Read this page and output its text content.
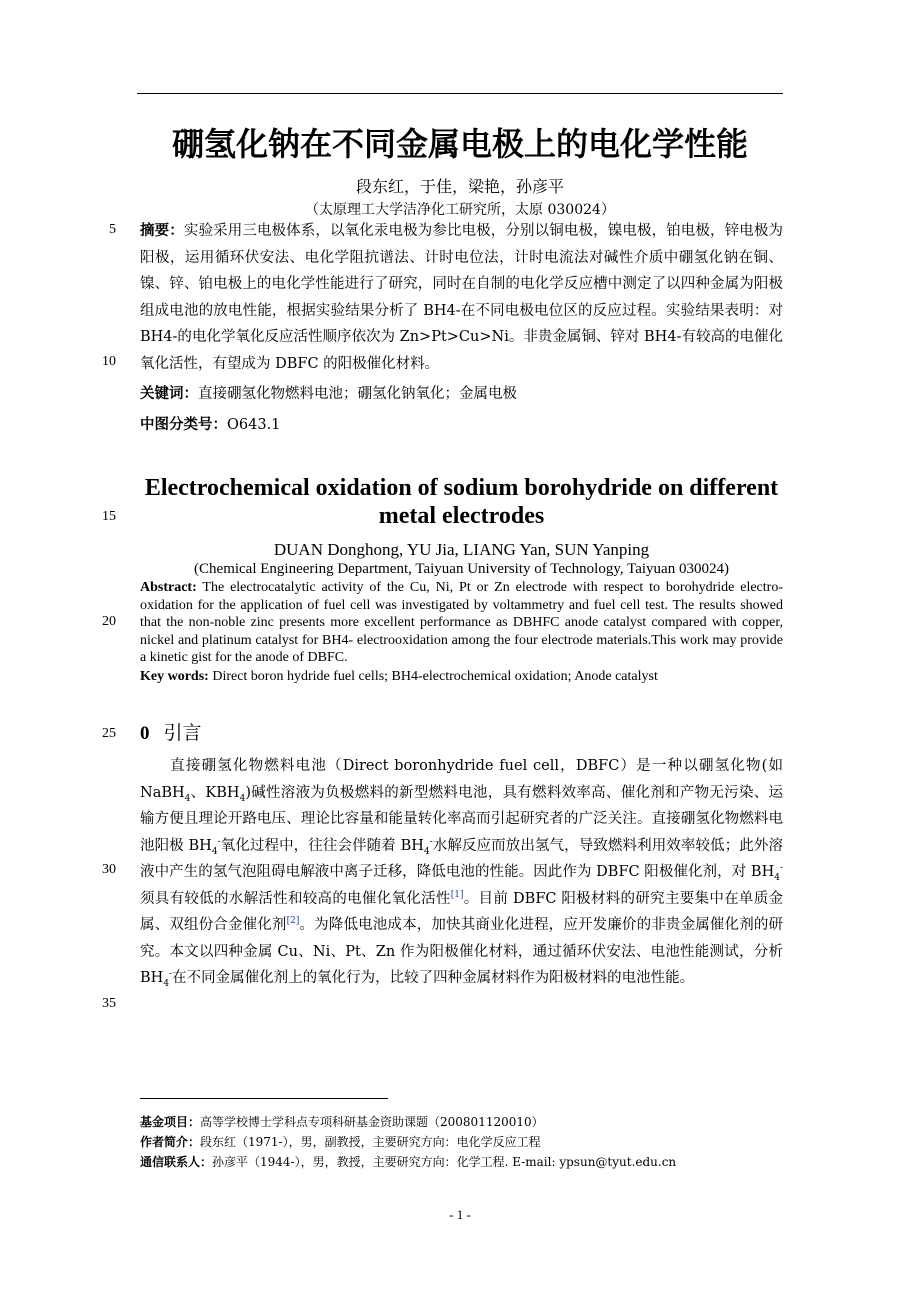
硼氢化钠在不同金属电极上的电化学性能
段东红，于佳，梁艳，孙彦平
（太原理工大学洁净化工研究所，太原 030024）
5
10
15
20
25
30
35
摘要：实验采用三电极体系，以氧化汞电极为参比电极，分别以铜电极，镍电极，铂电极，锌电极为阳极，运用循环伏安法、电化学阻抗谱法、计时电位法，计时电流法对碱性介质中硼氢化钠在铜、镍、锌、铂电极上的电化学性能进行了研究，同时在自制的电化学反应槽中测定了以四种金属为阳极组成电池的放电性能，根据实验结果分析了 BH4-在不同电极电位区的反应过程。实验结果表明：对 BH4-的电化学氧化反应活性顺序依次为 Zn>Pt>Cu>Ni。非贵金属铜、锌对 BH4-有较高的电催化氧化活性，有望成为 DBFC 的阳极催化材料。
关键词：直接硼氢化物燃料电池；硼氢化钠氧化；金属电极
中图分类号：O643.1
Electrochemical oxidation of sodium borohydride on different metal electrodes
DUAN Donghong, YU Jia, LIANG Yan, SUN Yanping
(Chemical Engineering Department, Taiyuan University of Technology, Taiyuan 030024)
Abstract: The electrocatalytic activity of the Cu, Ni, Pt or Zn electrode with respect to borohydride electro-oxidation for the application of fuel cell was investigated by voltammetry and fuel cell test. The results showed that the non-noble zinc presents more excellent performance as DBHFC anode catalyst compared with copper, nickel and platinum catalyst for BH4- electrooxidation among the four electrode materials.This work may provide a kinetic gist for the anode of DBFC.
Key words: Direct boron hydride fuel cells; BH4-electrochemical oxidation; Anode catalyst
0 引言
直接硼氢化物燃料电池（Direct boronhydride fuel cell，DBFC）是一种以硼氢化物(如 NaBH$_4$、$KBH_4$)碱性溶液为负极燃料的新型燃料电池，具有燃料效率高、催化剂和产物无污染、运输方便且理论开路电压、理论比容量和能量转化率高而引起研究者的广泛关注。直接硼氢化物燃料电池阳极 $BH_4^-$氧化过程中，往往会伴随着 $BH_4^-$水解反应而放出氢气，导致燃料利用效率较低；此外溶液中产生的氢气泡阻碍电解液中离子迁移，降低电池的性能。因此作为 DBFC 阳极催化剂，对 $BH_4^-$须具有较低的水解活性和较高的电催化氧化活性[1]。目前 DBFC 阳极材料的研究主要集中在单质金属、双组份合金催化剂[2]。为降低电池成本，加快其商业化进程，应开发廉价的非贵金属催化剂的研究。本文以四种金属 Cu、Ni、Pt、Zn 作为阳极催化材料，通过循环伏安法、电池性能测试，分析 $BH_4^-$在不同金属催化剂上的氧化行为，比较了四种金属材料作为阳极材料的电池性能。
基金项目：高等学校博士学科点专项科研基金资助课题（200801120010）
作者简介：段东红（1971-），男，副教授，主要研究方向：电化学反应工程
通信联系人：孙彦平（1944-），男，教授，主要研究方向：化学工程. E-mail: ypsun@tyut.edu.cn
- 1 -
